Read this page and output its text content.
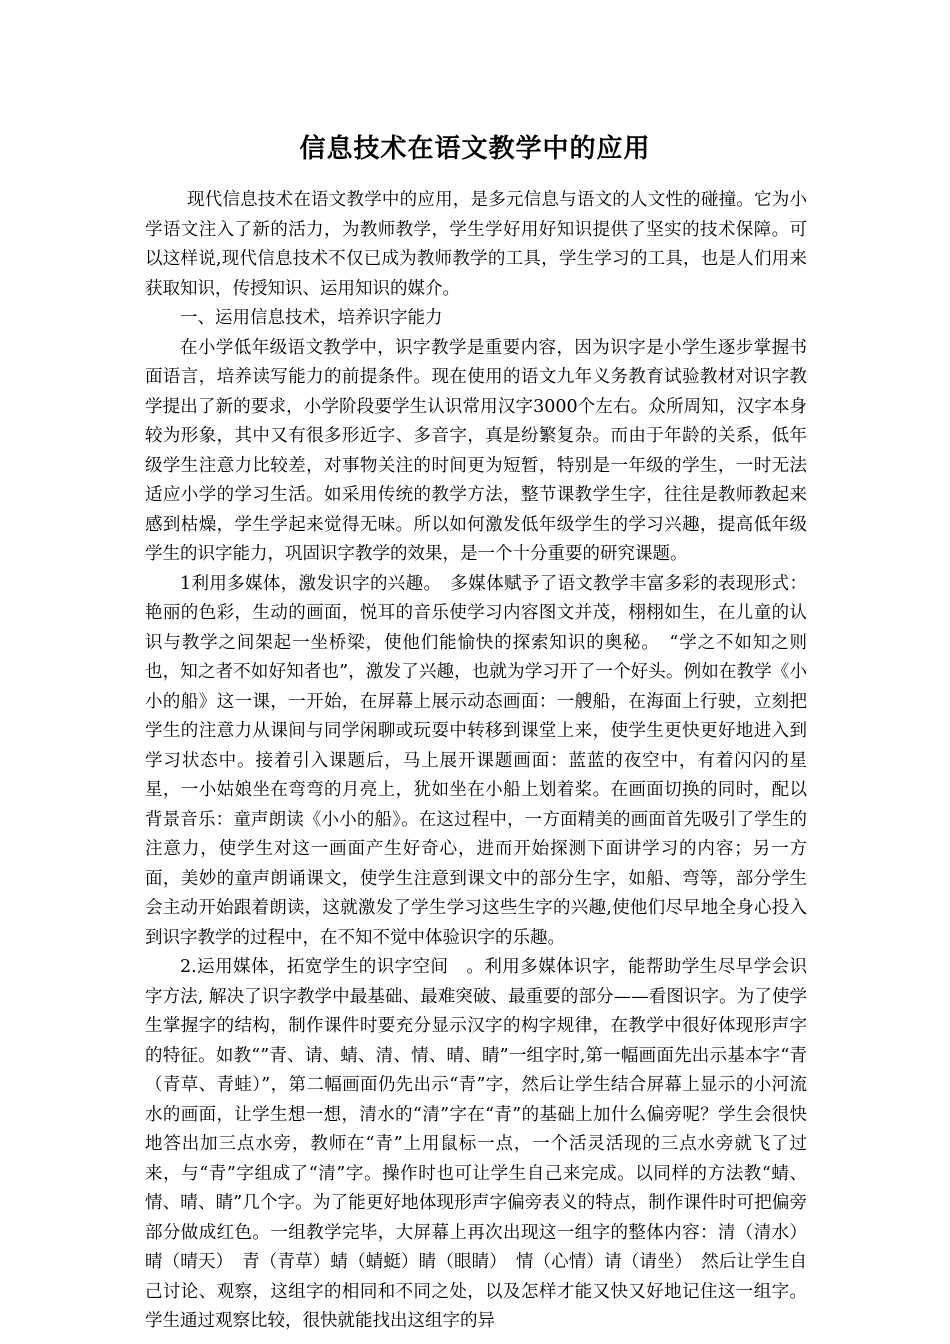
信息技术在语文教学中的应用

现代信息技术在语文教学中的应用，是多元信息与语文的人文性的碰撞。它为小学语文注入了新的活力，为教师教学，学生学好用好知识提供了坚实的技术保障。可以这样说,现代信息技术不仅已成为教师教学的工具，学生学习的工具，也是人们用来获取知识，传授知识、运用知识的媒介。

一、运用信息技术，培养识字能力

在小学低年级语文教学中，识字教学是重要内容，因为识字是小学生逐步掌握书面语言，培养读写能力的前提条件。现在使用的语文九年义务教育试验教材对识字教学提出了新的要求，小学阶段要学生认识常用汉字3000个左右。众所周知，汉字本身较为形象，其中又有很多形近字、多音字，真是纷繁复杂。而由于年龄的关系，低年级学生注意力比较差，对事物关注的时间更为短暂，特别是一年级的学生，一时无法适应小学的学习生活。如采用传统的教学方法，整节课教学生字，往往是教师教起来感到枯燥，学生学起来觉得无味。所以如何激发低年级学生的学习兴趣，提高低年级学生的识字能力，巩固识字教学的效果，是一个十分重要的研究课题。

1利用多媒体，激发识字的兴趣。　多媒体赋予了语文教学丰富多彩的表现形式：艳丽的色彩，生动的画面，悦耳的音乐使学习内容图文并茂，栩栩如生，在儿童的认识与教学之间架起一坐桥梁，使他们能愉快的探索知识的奥秘。　“学之不如知之则也，知之者不如好知者也”，激发了兴趣，也就为学习开了一个好头。例如在教学《小小的船》这一课，一开始，在屏幕上展示动态画面：一艘船，在海面上行驶，立刻把学生的注意力从课间与同学闲聊或玩耍中转移到课堂上来，使学生更快更好地进入到学习状态中。接着引入课题后，马上展开课题画面：蓝蓝的夜空中，有着闪闪的星星，一小姑娘坐在弯弯的月亮上，犹如坐在小船上划着桨。在画面切换的同时，配以背景音乐：童声朗读《小小的船》。在这过程中，一方面精美的画面首先吸引了学生的注意力，使学生对这一画面产生好奇心，进而开始探测下面讲学习的内容；另一方面，美妙的童声朗诵课文，使学生注意到课文中的部分生字，如船、弯等，部分学生会主动开始跟着朗读，这就激发了学生学习这些生字的兴趣,使他们尽早地全身心投入到识字教学的过程中，在不知不觉中体验识字的乐趣。

2.运用媒体，拓宽学生的识字空间　。利用多媒体识字，能帮助学生尽早学会识字方法, 解决了识字教学中最基础、最难突破、最重要的部分——看图识字。为了使学生掌握字的结构，制作课件时要充分显示汉字的构字规律，在教学中很好体现形声字的特征。如教“”青、请、蜻、清、情、晴、睛”一组字时,第一幅画面先出示基本字“青（青草、青蛙）”，第二幅画面仍先出示“青”字，然后让学生结合屏幕上显示的小河流水的画面，让学生想一想，清水的“清”字在“青”的基础上加什么偏旁呢？学生会很快地答出加三点水旁，教师在“青”上用鼠标一点，一个活灵活现的三点水旁就飞了过来，与“青”字组成了“清”字。操作时也可让学生自己来完成。以同样的方法教“蜻、情、晴、睛”几个字。为了能更好地体现形声字偏旁表义的特点，制作课件时可把偏旁部分做成红色。一组教学完毕，大屏幕上再次出现这一组字的整体内容：清（清水）晴（晴天）　青（青草）蜻（蜻蜓）睛（眼睛）　情（心情）请（请坐）　然后让学生自己讨论、观察，这组字的相同和不同之处，以及怎样才能又快又好地记住这一组字。学生通过观察比较，很快就能找出这组字的异
